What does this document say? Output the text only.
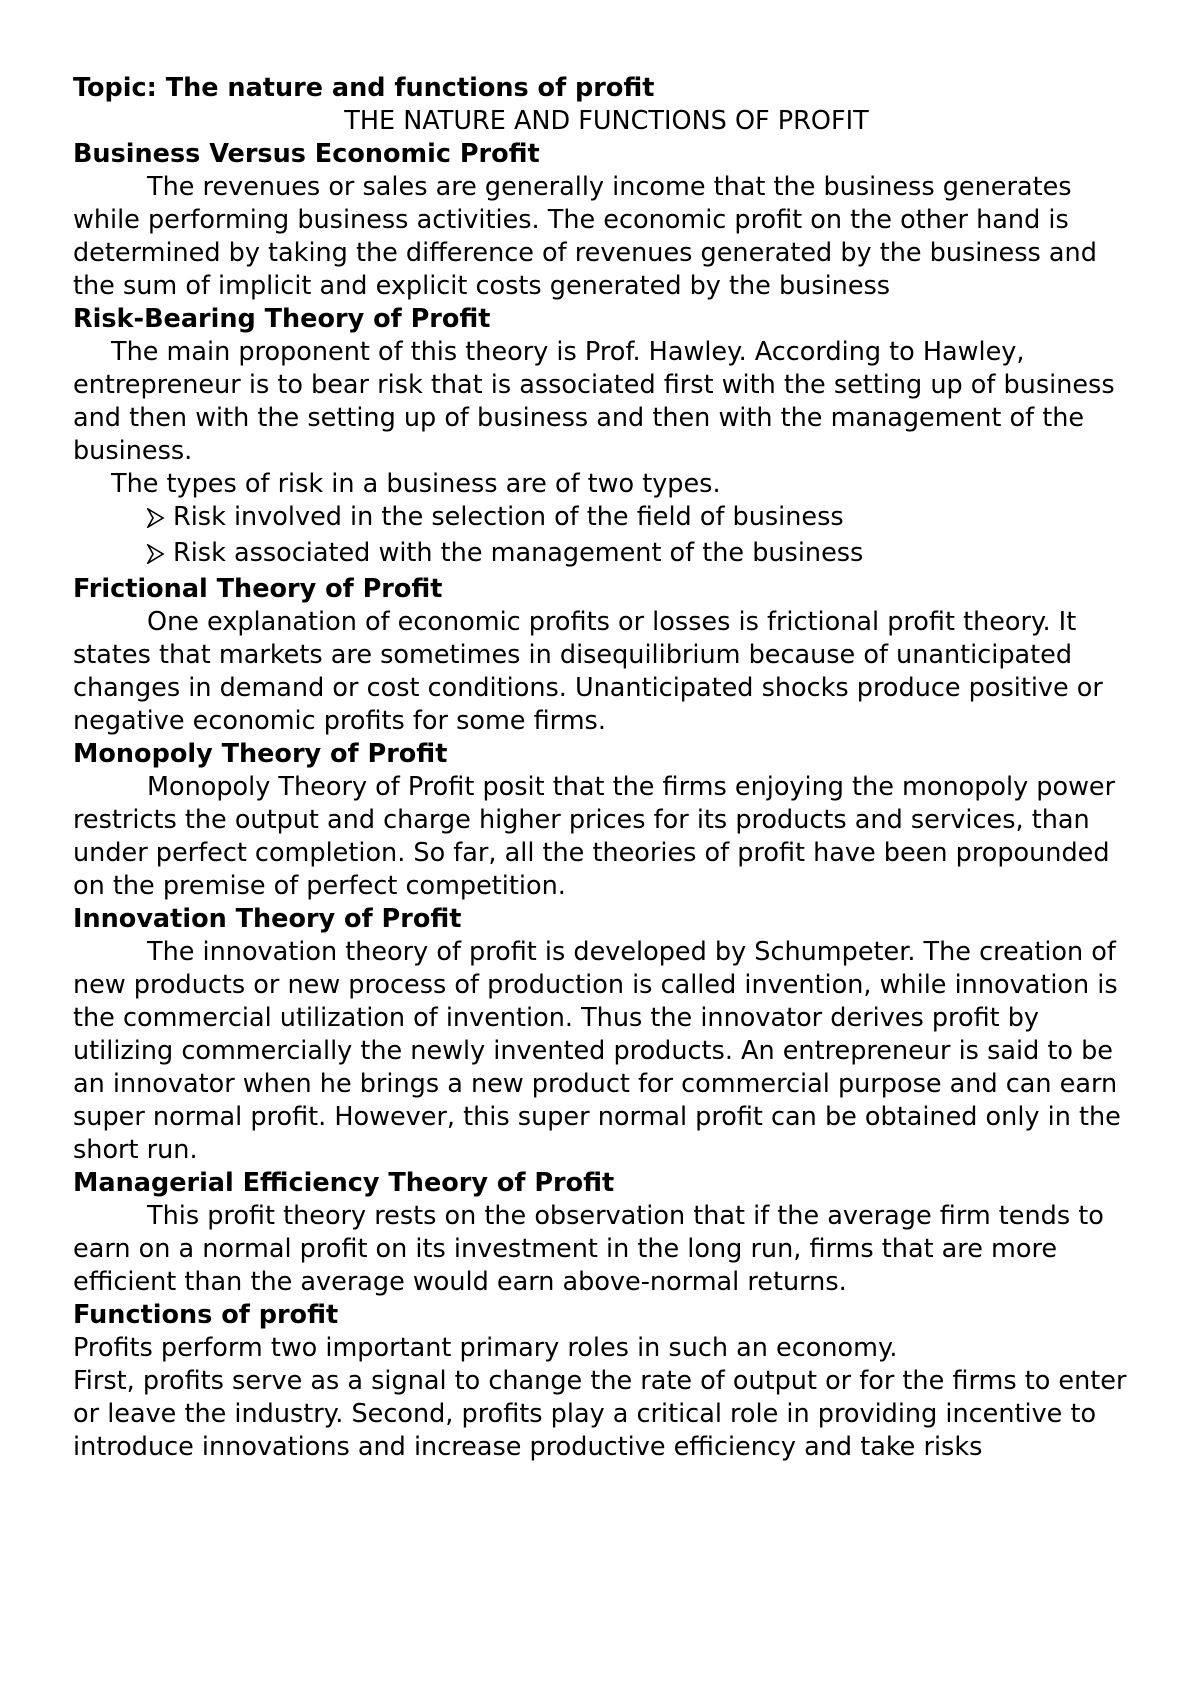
Topic: The nature and functions of profit
THE NATURE AND FUNCTIONS OF PROFIT
Business Versus Economic Profit

The revenues or sales are generally income that the business generates while performing business activities. The economic profit on the other hand is determined by taking the difference of revenues generated by the business and the sum of implicit and explicit costs generated by the business

Risk-Bearing Theory of Profit

The main proponent of this theory is Prof. Hawley. According to Hawley, entrepreneur is to bear risk that is associated first with the setting up of business and then with the setting up of business and then with the management of the business.

The types of risk in a business are of two types.

Risk involved in the selection of the field of business
Risk associated with the management of the business
Frictional Theory of Profit

One explanation of economic profits or losses is frictional profit theory. It states that markets are sometimes in disequilibrium because of unanticipated changes in demand or cost conditions. Unanticipated shocks produce positive or negative economic profits for some firms.

Monopoly Theory of Profit

Monopoly Theory of Profit posit that the firms enjoying the monopoly power restricts the output and charge higher prices for its products and services, than under perfect completion. So far, all the theories of profit have been propounded on the premise of perfect competition.

Innovation Theory of Profit

The innovation theory of profit is developed by Schumpeter. The creation of new products or new process of production is called invention, while innovation is the commercial utilization of invention. Thus the innovator derives profit by utilizing commercially the newly invented products. An entrepreneur is said to be an innovator when he brings a new product for commercial purpose and can earn super normal profit. However, this super normal profit can be obtained only in the short run.

Managerial Efficiency Theory of Profit

This profit theory rests on the observation that if the average firm tends to earn on a normal profit on its investment in the long run, firms that are more efficient than the average would earn above-normal returns.

Functions of profit

Profits perform two important primary roles in such an economy.

First, profits serve as a signal to change the rate of output or for the firms to enter or leave the industry. Second, profits play a critical role in providing incentive to introduce innovations and increase productive efficiency and take risks
